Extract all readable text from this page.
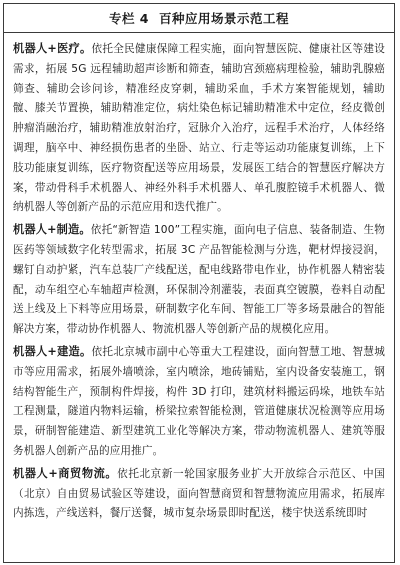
专栏 4 百种应用场景示范工程

机器人+医疗。依托全民健康保障工程实施，面向智慧医院、健康社区等建设需求，拓展 5G 远程辅助超声诊断和筛查，辅助宫颈癌病理检验，辅助乳腺癌筛查、辅助会诊问诊，精准经皮穿刺，辅助采血，手术方案智能规划，辅助髋、膝关节置换，辅助精准定位，病灶染色标记辅助精准术中定位，经皮微创肿瘤消融治疗，辅助精准放射治疗，冠脉介入治疗，远程手术治疗，人体经络调理，脑卒中、神经损伤患者的坐卧、站立、行走等运动功能康复训练，上下肢功能康复训练，医疗物资配送等应用场景，发展医工结合的智慧医疗解决方案，带动骨科手术机器人、神经外科手术机器人、单孔腹腔镜手术机器人、微纳机器人等创新产品的示范应用和迭代推广。

机器人+制造。依托“新智造 100”工程实施，面向电子信息、装备制造、生物医药等领域数字化转型需求，拓展 3C 产品智能检测与分选，靶材焊接浸润，螺钉自动护紧，汽车总装厂产线配送，配电线路带电作业，协作机器人精密装配，动车组空心车轴超声检测，环保制冷剂灌装，表面真空镀膜，卷料自动配送上线及上下料等应用场景，研制数字化车间、智能工厂等多场景融合的智能解决方案，带动协作机器人、物流机器人等创新产品的规模化应用。

机器人+建造。依托北京城市副中心等重大工程建设，面向智慧工地、智慧城市等应用需求，拓展外墙喷涂，室内喷涂，地砖铺贴，室内设备安装施工，钢结构智能生产，预制构件焊接，构件 3D 打印，建筑材料搬运码垛，地铁车站工程测量，隧道内物料运输，桥梁拉索智能检测，管道健康状况检测等应用场景，研制智能建造、新型建筑工业化等解决方案，带动物流机器人、建筑等服务机器人创新产品的应用推广。

机器人+商贸物流。依托北京新一轮国家服务业扩大开放综合示范区、中国（北京）自由贸易试验区等建设，面向智慧商贸和智慧物流应用需求，拓展库内拣选，产线送料，餐厅送餐，城市复杂场景即时配送，楼宇快送系统即时
